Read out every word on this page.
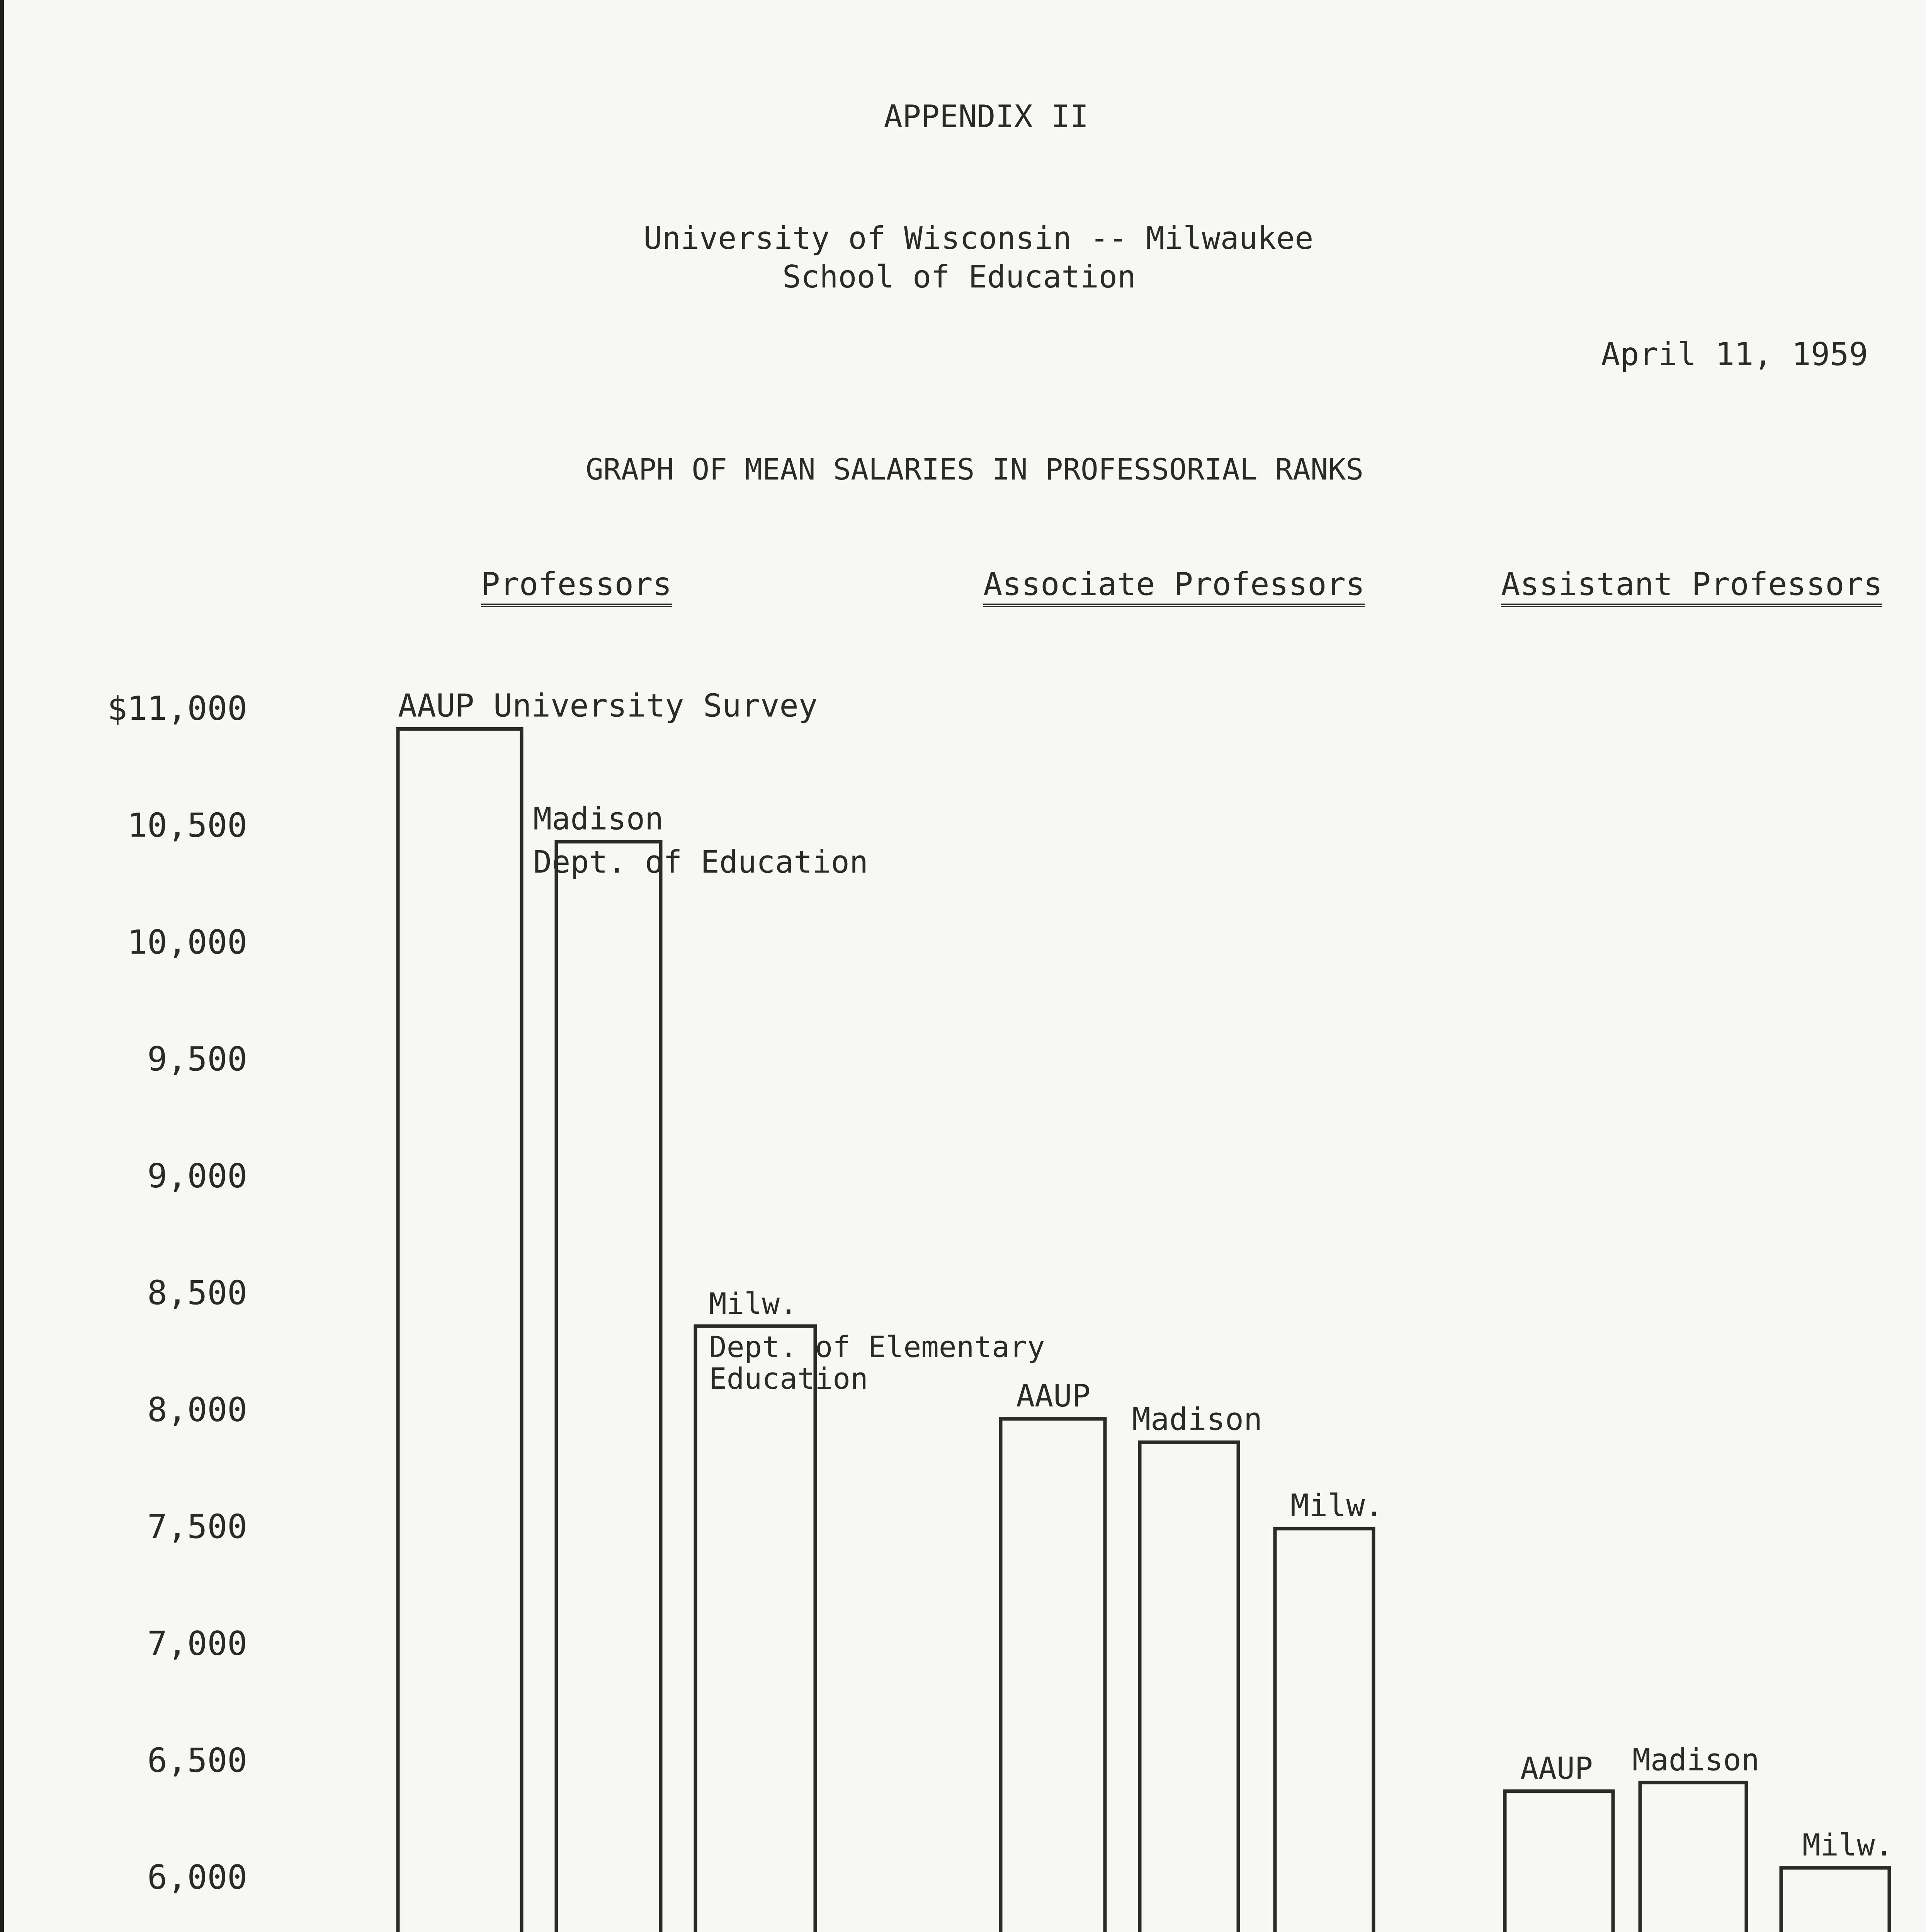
APPENDIX II
University of Wisconsin -- Milwaukee
School of Education
April 11, 1959
GRAPH OF MEAN SALARIES IN PROFESSORIAL RANKS
Professors	Associate Professors	Assistant Professors
$11,000
10,500
10,000
9,500
9,000
8,500
8,000
7,500
7,000
6,500
6,000
AAUP University Survey
Madison
Dept. of Education
Milw.
Dept. of Elementary
Education	AAUP
Madison
Milw.
AAUP Madison
Milw.
